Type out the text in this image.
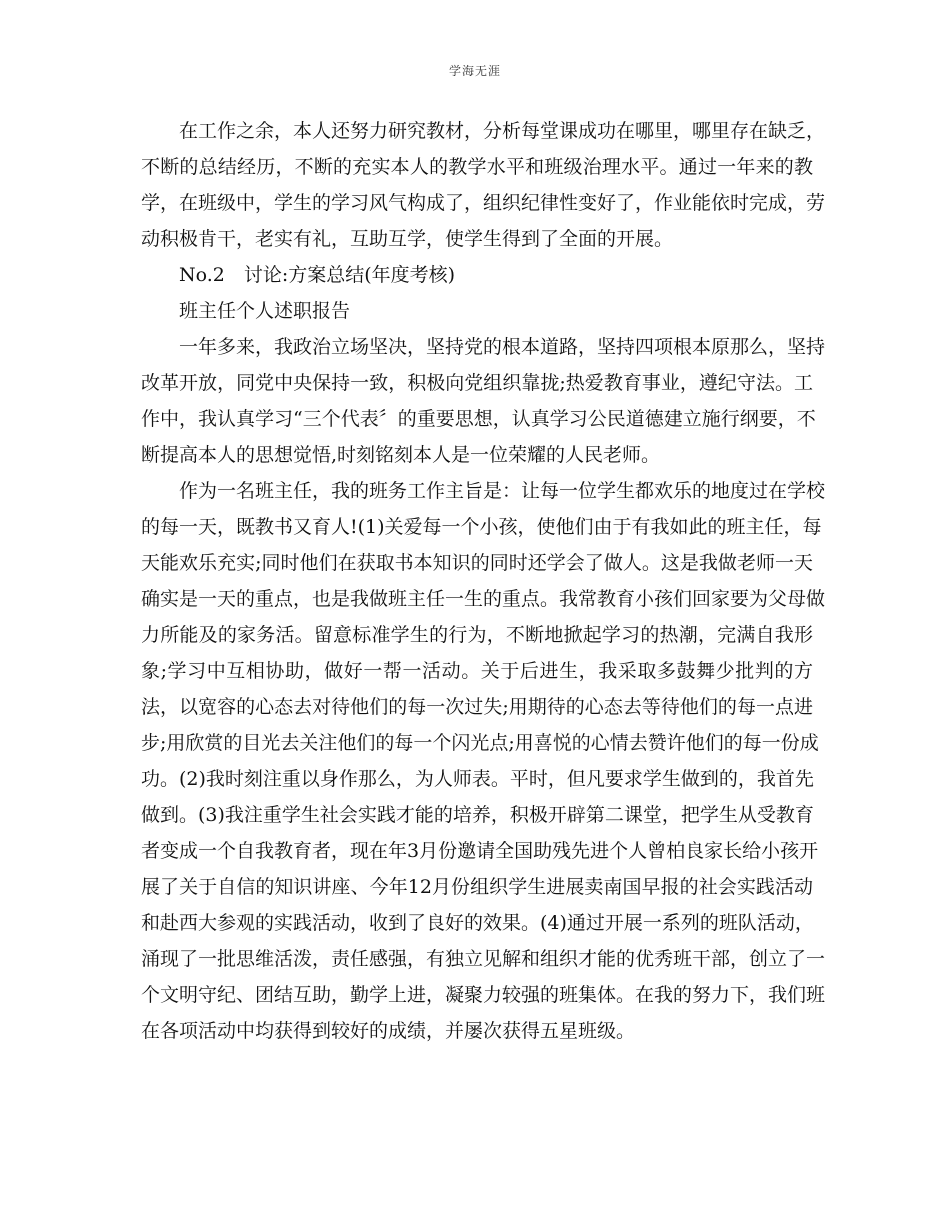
学海无涯
在工作之余，本人还努力研究教材，分析每堂课成功在哪里，哪里存在缺乏，
不断的总结经历，不断的充实本人的教学水平和班级治理水平。通过一年来的教
学，在班级中，学生的学习风气构成了，组织纪律性变好了，作业能依时完成，劳
动积极肯干，老实有礼，互助互学，使学生得到了全面的开展。
No.2　讨论:方案总结(年度考核)
班主任个人述职报告
一年多来，我政治立场坚决，坚持党的根本道路，坚持四项根本原那么，坚持
改革开放，同党中央保持一致，积极向党组织靠拢;热爱教育事业，遵纪守法。工
作中，我认真学习“三个代表〞的重要思想，认真学习公民道德建立施行纲要，不
断提高本人的思想觉悟,时刻铭刻本人是一位荣耀的人民老师。
作为一名班主任，我的班务工作主旨是：让每一位学生都欢乐的地度过在学校
的每一天，既教书又育人!(1)关爱每一个小孩，使他们由于有我如此的班主任，每
天能欢乐充实;同时他们在获取书本知识的同时还学会了做人。这是我做老师一天
确实是一天的重点，也是我做班主任一生的重点。我常教育小孩们回家要为父母做
力所能及的家务活。留意标准学生的行为，不断地掀起学习的热潮，完满自我形
象;学习中互相协助，做好一帮一活动。关于后进生，我采取多鼓舞少批判的方
法，以宽容的心态去对待他们的每一次过失;用期待的心态去等待他们的每一点进
步;用欣赏的目光去关注他们的每一个闪光点;用喜悦的心情去赞许他们的每一份成
功。(2)我时刻注重以身作那么，为人师表。平时，但凡要求学生做到的，我首先
做到。(3)我注重学生社会实践才能的培养，积极开辟第二课堂，把学生从受教育
者变成一个自我教育者，现在年3月份邀请全国助残先进个人曾柏良家长给小孩开
展了关于自信的知识讲座、今年12月份组织学生进展卖南国早报的社会实践活动
和赴西大参观的实践活动，收到了良好的效果。(4)通过开展一系列的班队活动，
涌现了一批思维活泼，责任感强，有独立见解和组织才能的优秀班干部，创立了一
个文明守纪、团结互助，勤学上进，凝聚力较强的班集体。在我的努力下，我们班
在各项活动中均获得到较好的成绩，并屡次获得五星班级。
